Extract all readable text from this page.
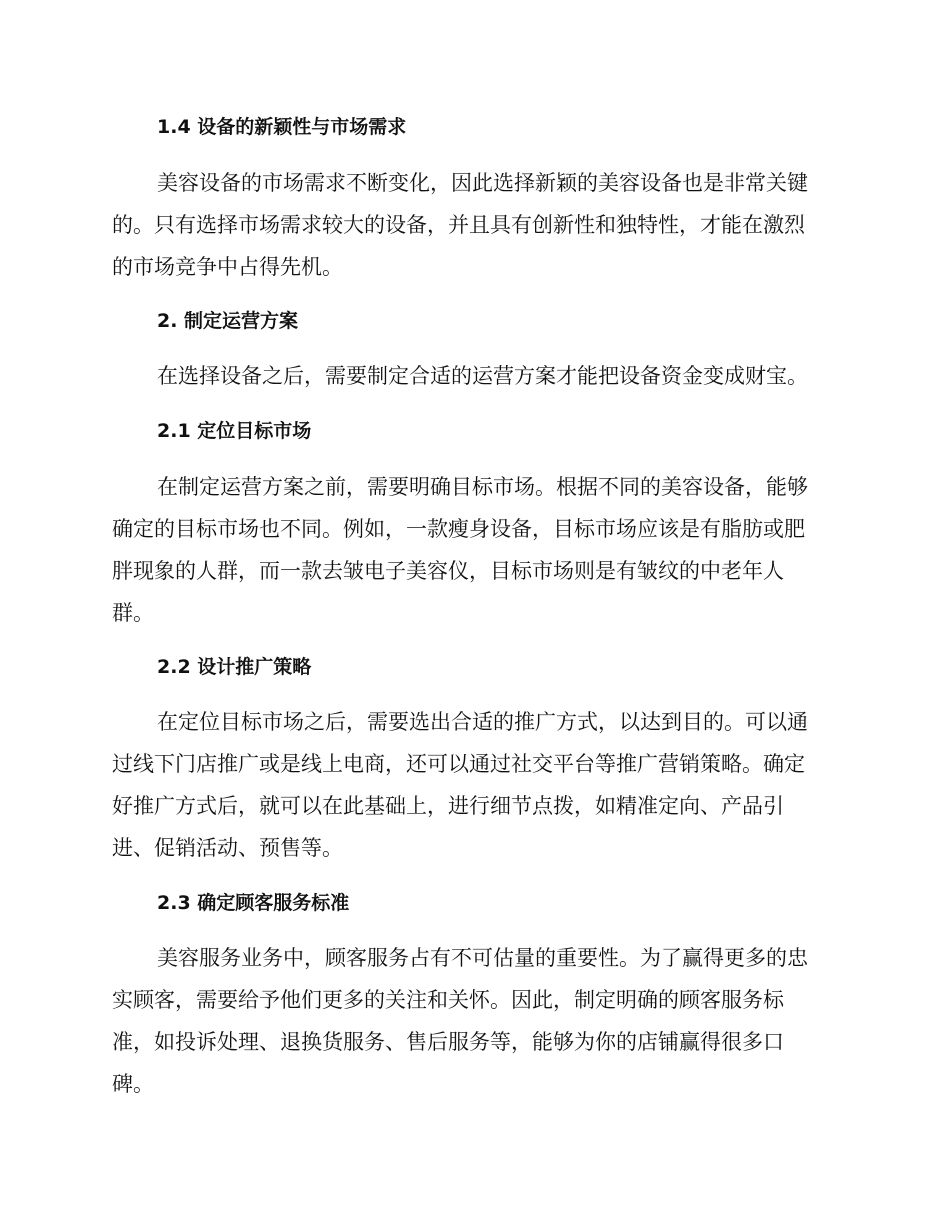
1.4 设备的新颖性与市场需求
美容设备的市场需求不断变化，因此选择新颖的美容设备也是非常关键
的。只有选择市场需求较大的设备，并且具有创新性和独特性，才能在激烈
的市场竞争中占得先机。
2. 制定运营方案
在选择设备之后，需要制定合适的运营方案才能把设备资金变成财宝。
2.1 定位目标市场
在制定运营方案之前，需要明确目标市场。根据不同的美容设备，能够
确定的目标市场也不同。例如，一款瘦身设备，目标市场应该是有脂肪或肥
胖现象的人群，而一款去皱电子美容仪，目标市场则是有皱纹的中老年人
群。
2.2 设计推广策略
在定位目标市场之后，需要选出合适的推广方式，以达到目的。可以通
过线下门店推广或是线上电商，还可以通过社交平台等推广营销策略。确定
好推广方式后，就可以在此基础上，进行细节点拨，如精准定向、产品引
进、促销活动、预售等。
2.3 确定顾客服务标准
美容服务业务中，顾客服务占有不可估量的重要性。为了赢得更多的忠
实顾客，需要给予他们更多的关注和关怀。因此，制定明确的顾客服务标
准，如投诉处理、退换货服务、售后服务等，能够为你的店铺赢得很多口
碑。
